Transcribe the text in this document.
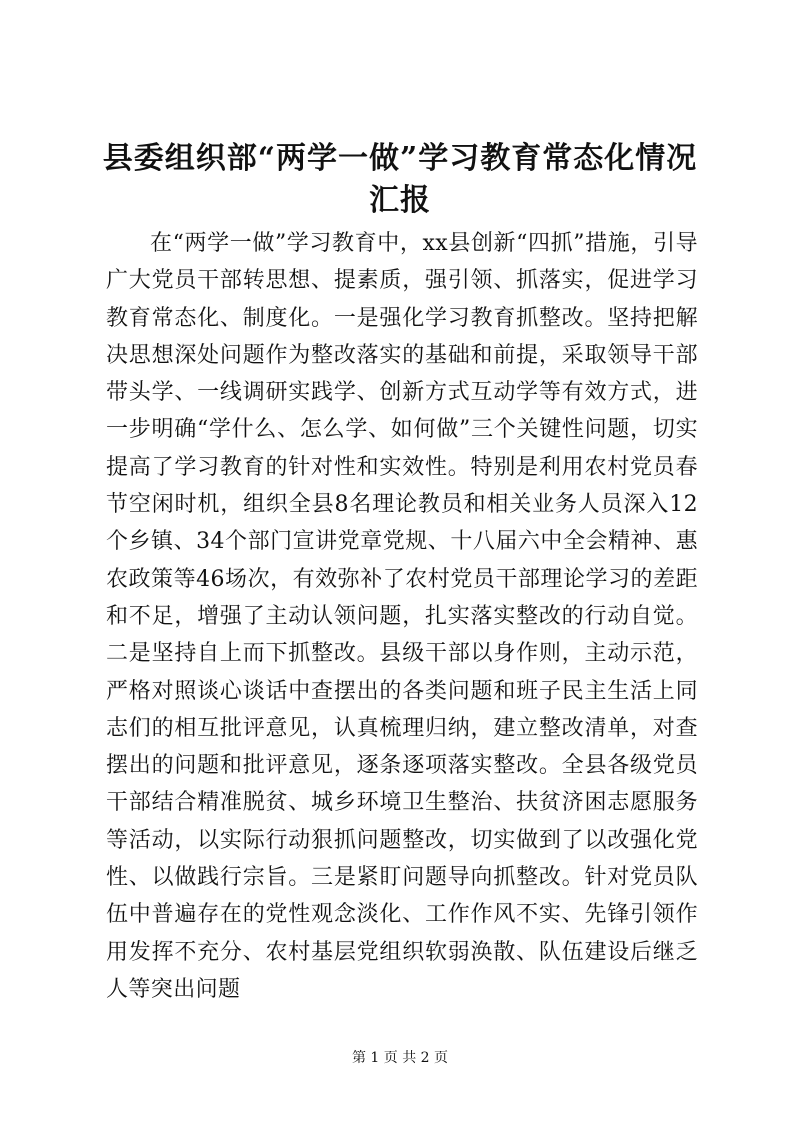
县委组织部“两学一做”学习教育常态化情况汇报

在“两学一做”学习教育中，xx县创新“四抓”措施，引导广大党员干部转思想、提素质，强引领、抓落实，促进学习教育常态化、制度化。一是强化学习教育抓整改。坚持把解决思想深处问题作为整改落实的基础和前提，采取领导干部带头学、一线调研实践学、创新方式互动学等有效方式，进一步明确“学什么、怎么学、如何做”三个关键性问题，切实提高了学习教育的针对性和实效性。特别是利用农村党员春节空闲时机，组织全县8名理论教员和相关业务人员深入12个乡镇、34个部门宣讲党章党规、十八届六中全会精神、惠农政策等46场次，有效弥补了农村党员干部理论学习的差距和不足，增强了主动认领问题，扎实落实整改的行动自觉。二是坚持自上而下抓整改。县级干部以身作则，主动示范，严格对照谈心谈话中查摆出的各类问题和班子民主生活上同志们的相互批评意见，认真梳理归纳，建立整改清单，对查摆出的问题和批评意见，逐条逐项落实整改。全县各级党员干部结合精准脱贫、城乡环境卫生整治、扶贫济困志愿服务等活动，以实际行动狠抓问题整改，切实做到了以改强化党性、以做践行宗旨。三是紧盯问题导向抓整改。针对党员队伍中普遍存在的党性观念淡化、工作作风不实、先锋引领作用发挥不充分、农村基层党组织软弱涣散、队伍建设后继乏人等突出问题

第 1 页 共 2 页
